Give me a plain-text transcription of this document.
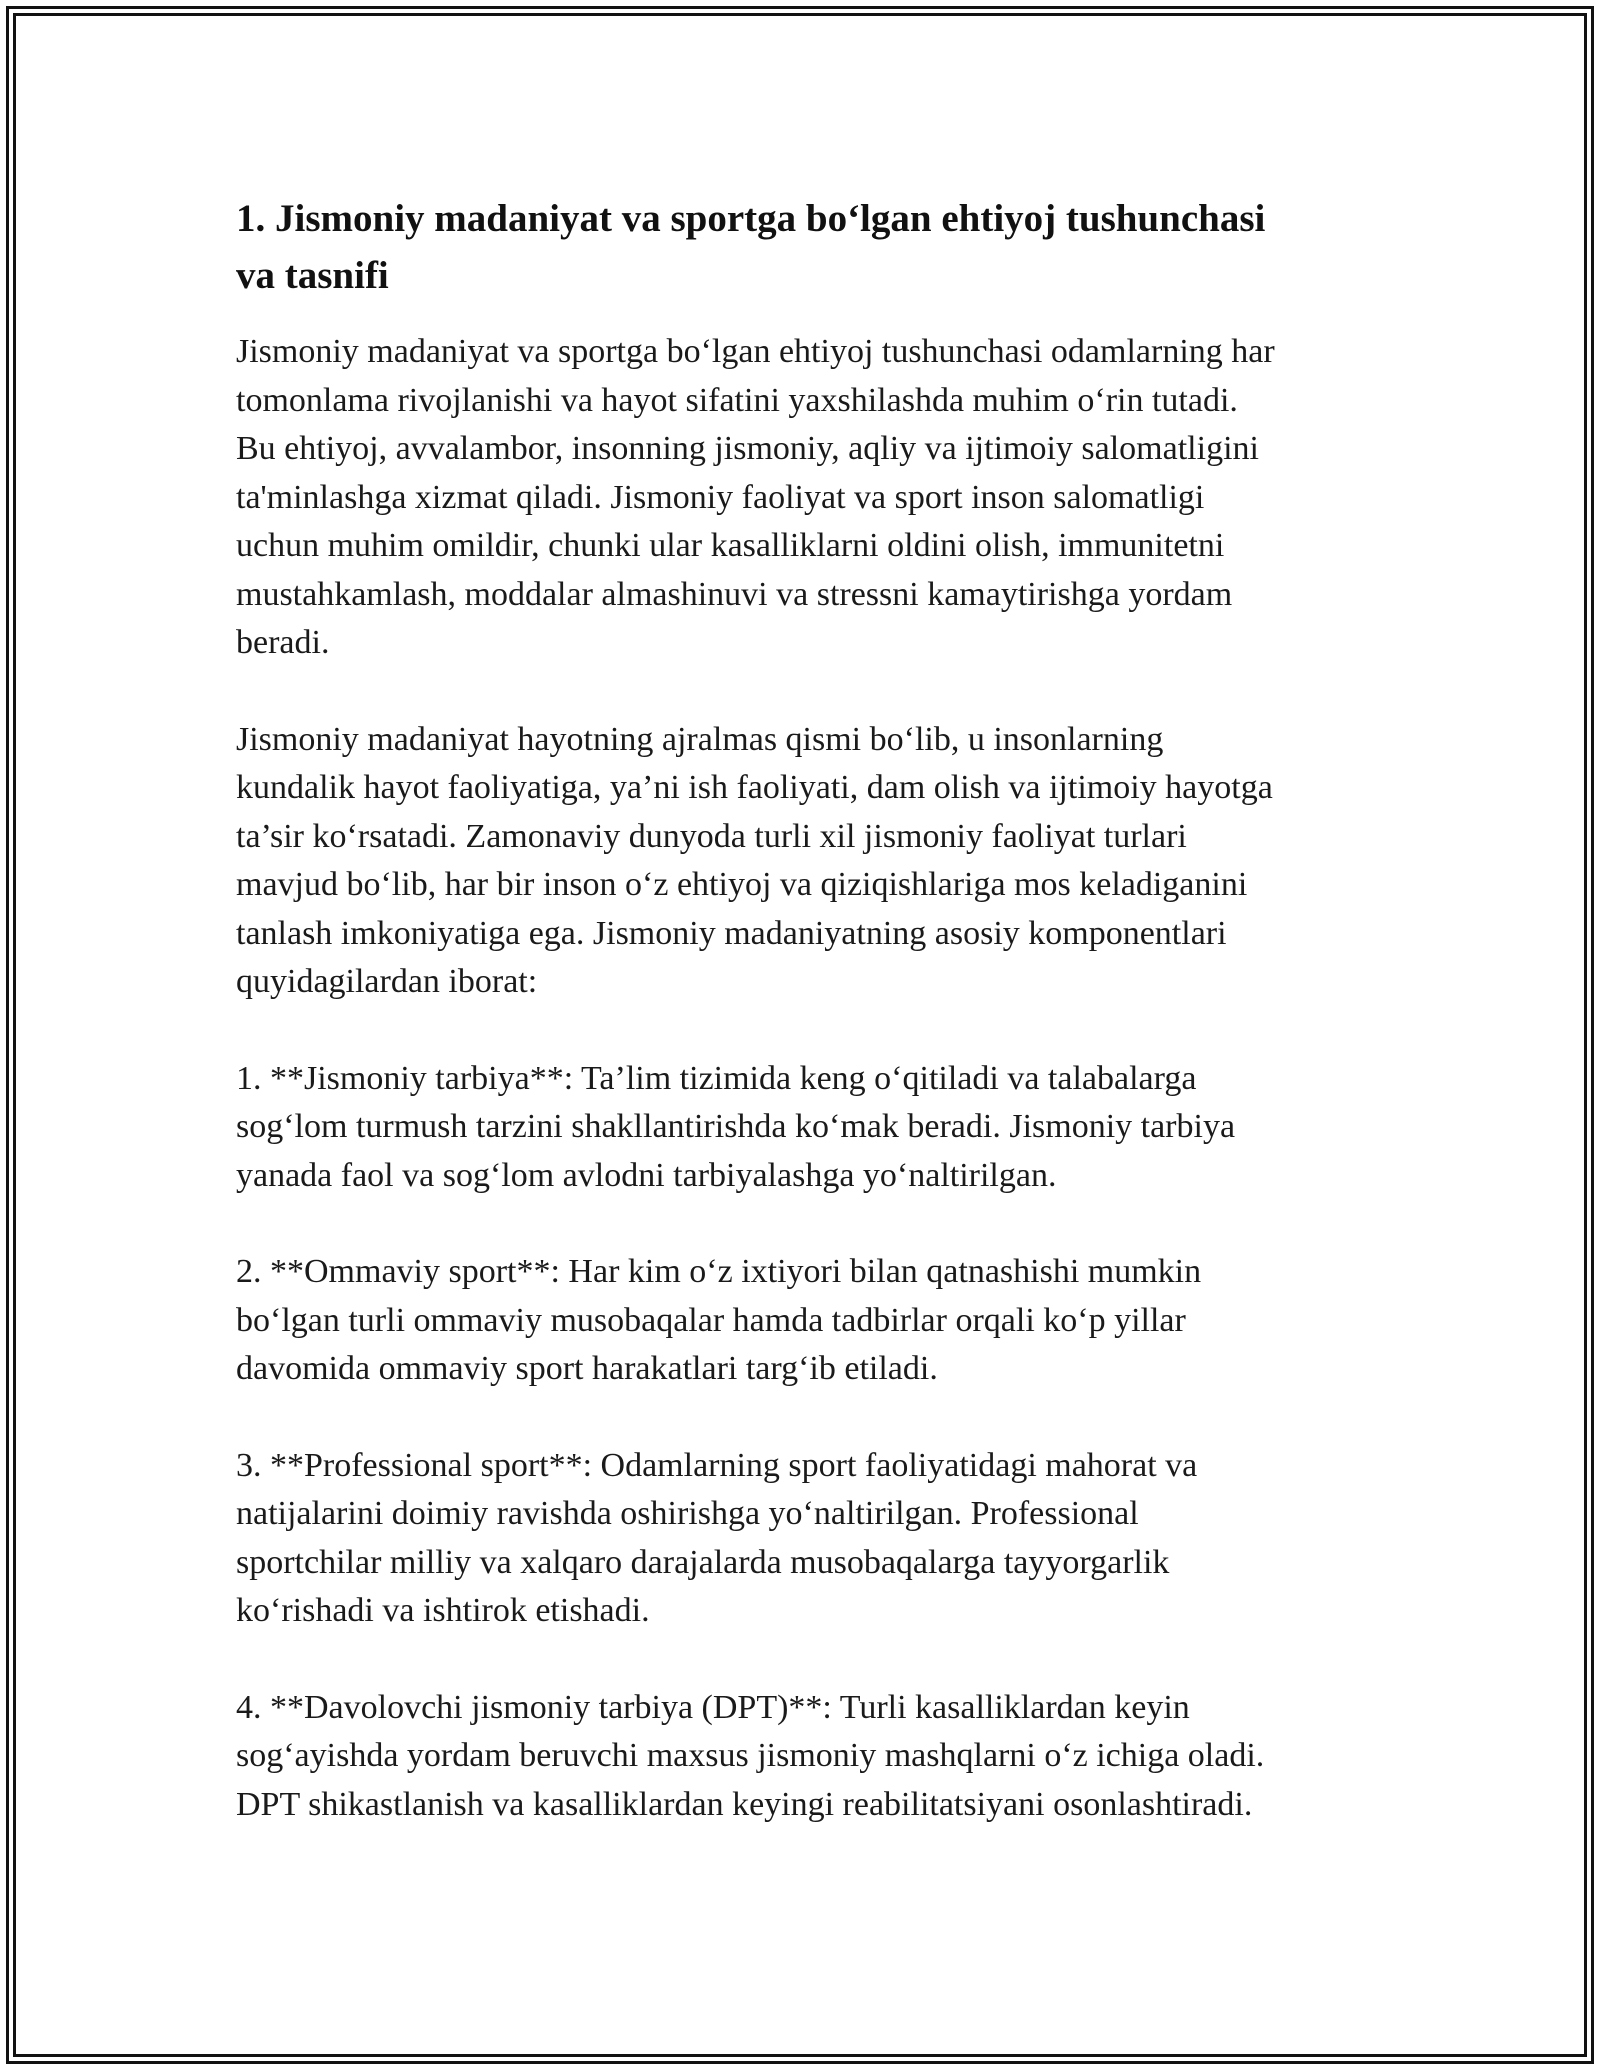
1. Jismoniy madaniyat va sportga bo‘lgan ehtiyoj tushunchasi
va tasnifi

Jismoniy madaniyat va sportga bo‘lgan ehtiyoj tushunchasi odamlarning har
tomonlama rivojlanishi va hayot sifatini yaxshilashda muhim o‘rin tutadi.
Bu ehtiyoj, avvalambor, insonning jismoniy, aqliy va ijtimoiy salomatligini
ta'minlashga xizmat qiladi. Jismoniy faoliyat va sport inson salomatligi
uchun muhim omildir, chunki ular kasalliklarni oldini olish, immunitetni
mustahkamlash, moddalar almashinuvi va stressni kamaytirishga yordam
beradi.

Jismoniy madaniyat hayotning ajralmas qismi bo‘lib, u insonlarning
kundalik hayot faoliyatiga, ya’ni ish faoliyati, dam olish va ijtimoiy hayotga
ta’sir ko‘rsatadi. Zamonaviy dunyoda turli xil jismoniy faoliyat turlari
mavjud bo‘lib, har bir inson o‘z ehtiyoj va qiziqishlariga mos keladiganini
tanlash imkoniyatiga ega. Jismoniy madaniyatning asosiy komponentlari
quyidagilardan iborat:

1. **Jismoniy tarbiya**: Ta’lim tizimida keng o‘qitiladi va talabalarga
sog‘lom turmush tarzini shakllantirishda ko‘mak beradi. Jismoniy tarbiya
yanada faol va sog‘lom avlodni tarbiyalashga yo‘naltirilgan.

2. **Ommaviy sport**: Har kim o‘z ixtiyori bilan qatnashishi mumkin
bo‘lgan turli ommaviy musobaqalar hamda tadbirlar orqali ko‘p yillar
davomida ommaviy sport harakatlari targ‘ib etiladi.

3. **Professional sport**: Odamlarning sport faoliyatidagi mahorat va
natijalarini doimiy ravishda oshirishga yo‘naltirilgan. Professional
sportchilar milliy va xalqaro darajalarda musobaqalarga tayyorgarlik
ko‘rishadi va ishtirok etishadi.

4. **Davolovchi jismoniy tarbiya (DPT)**: Turli kasalliklardan keyin
sog‘ayishda yordam beruvchi maxsus jismoniy mashqlarni o‘z ichiga oladi.
DPT shikastlanish va kasalliklardan keyingi reabilitatsiyani osonlashtiradi.
